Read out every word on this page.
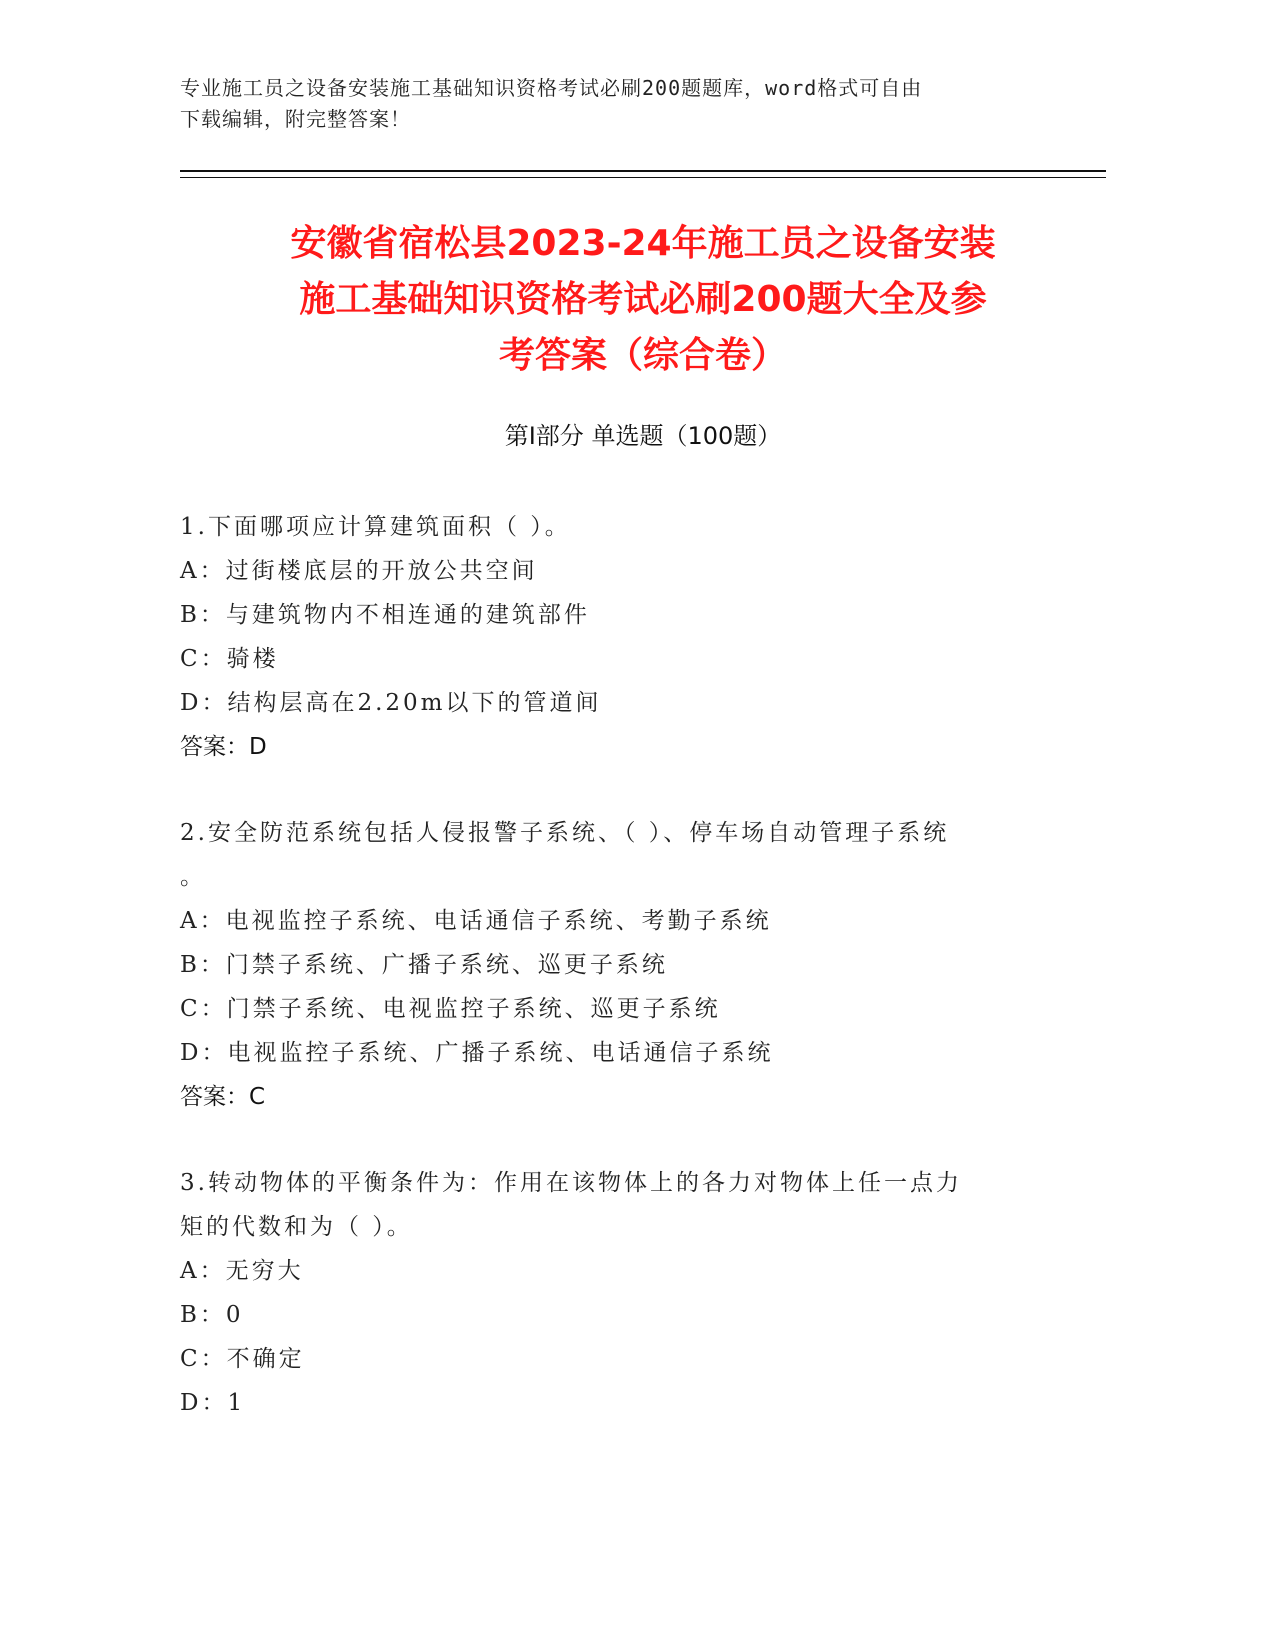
专业施工员之设备安装施工基础知识资格考试必刷200题题库，word格式可自由
下载编辑，附完整答案！
安徽省宿松县2023-24年施工员之设备安装
施工基础知识资格考试必刷200题大全及参
考答案（综合卷）
第Ⅰ部分 单选题（100题）
1.下面哪项应计算建筑面积（ ）。
A：过街楼底层的开放公共空间
B：与建筑物内不相连通的建筑部件
C：骑楼
D：结构层高在2.20m以下的管道间
答案：D
2.安全防范系统包括人侵报警子系统、（ ）、停车场自动管理子系统
。
A：电视监控子系统、电话通信子系统、考勤子系统
B：门禁子系统、广播子系统、巡更子系统
C：门禁子系统、电视监控子系统、巡更子系统
D：电视监控子系统、广播子系统、电话通信子系统
答案：C
3.转动物体的平衡条件为：作用在该物体上的各力对物体上任一点力
矩的代数和为（ ）。
A：无穷大
B：0
C：不确定
D：1
